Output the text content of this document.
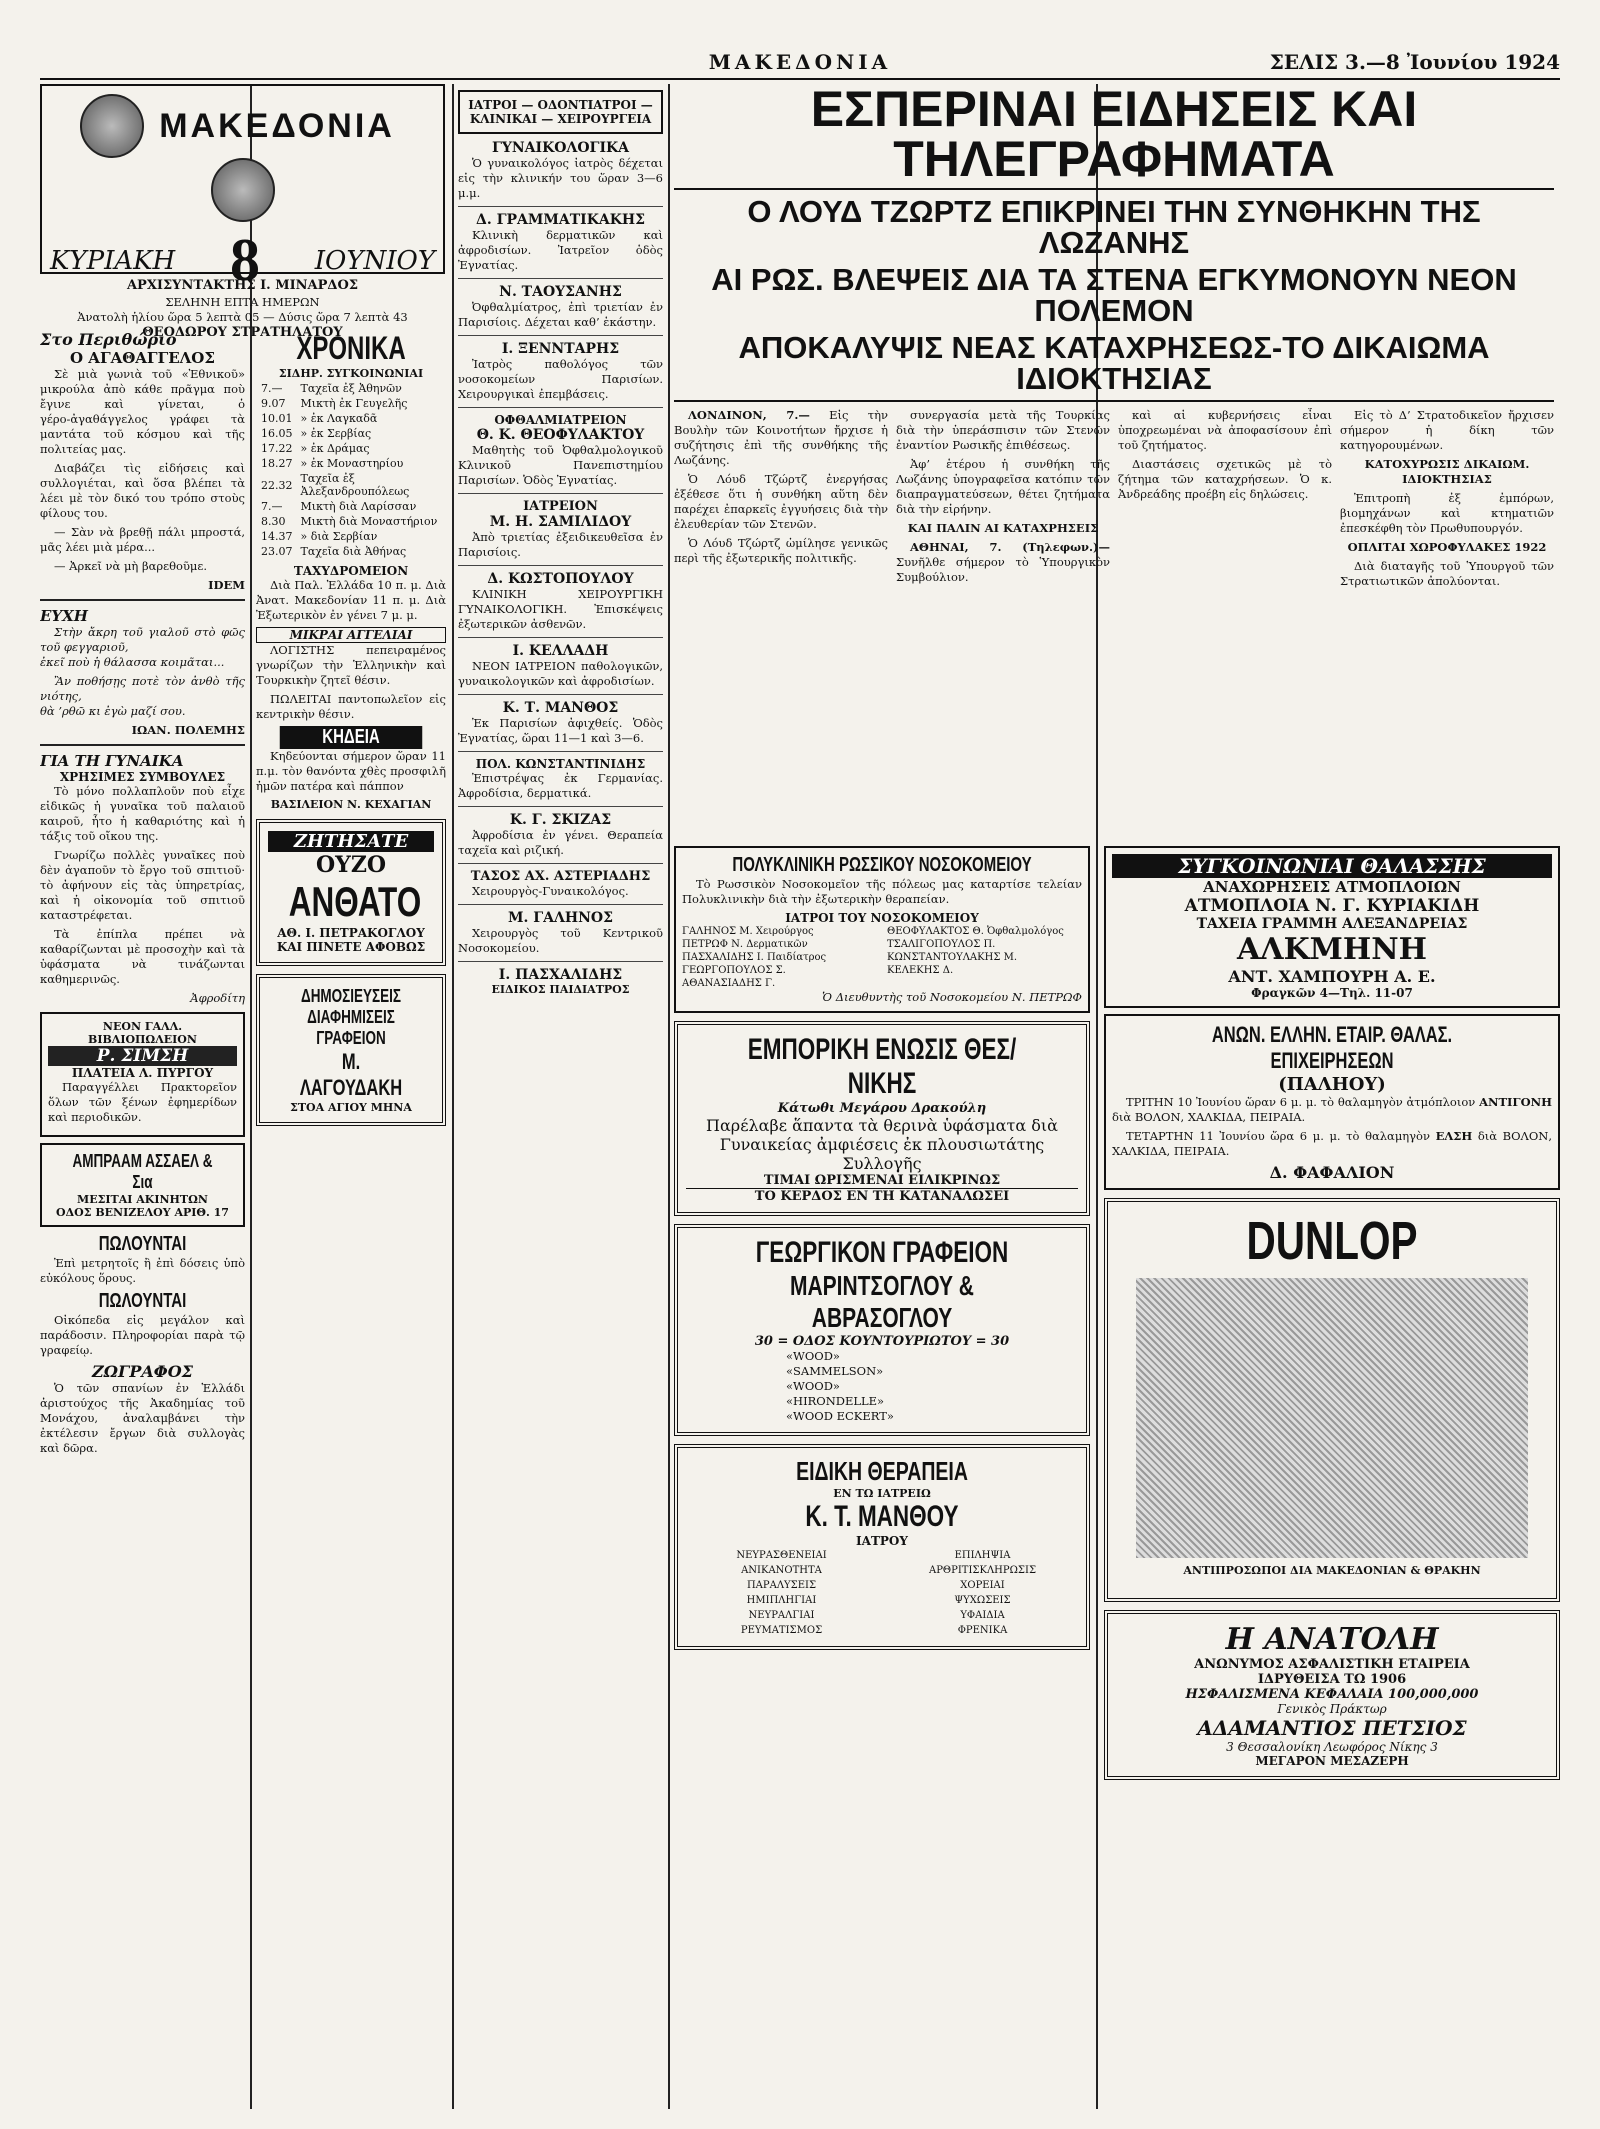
ΜΑΚΕΔΟΝΙΑ	ΣΕΛΙΣ 3.—8 Ἰουνίου 1924
ΜΑΚΕΔΟΝΙΑ
ΚΥΡΙΑΚΗ 8 ΙΟΥΝΙΟΥ
ΣΕΛΗΝΗ ΕΠΤΑ ΗΜΕΡΩΝ
Ἀνατολὴ ἡλίου ὥρα 5 λεπτὰ 05 — Δύσις ὥρα 7 λεπτὰ 43
ΘΕΟΔΩΡΟΥ ΣΤΡΑΤΗΛΑΤΟΥ
ΑΡΧΙΣΥΝΤΑΚΤΗΣ Ι. ΜΙΝΑΡΔΟΣ
Στο Περιθώριο
Ο ΑΓΑΘΑΓΓΕΛΟΣ

Σὲ μιὰ γωνιὰ τοῦ «Ἐθνικοῦ» μικρούλα ἀπὸ κάθε πρᾶγμα ποὺ ἔγινε καὶ γίνεται, ὁ γέρο‑ἀγαθάγγελος γράφει τὰ μαντάτα τοῦ κόσμου καὶ τῆς πολιτείας μας.

Διαβάζει τὶς εἰδήσεις καὶ συλλογιέται, καὶ ὅσα βλέπει τὰ λέει μὲ τὸν δικό του τρόπο στοὺς φίλους του.

— Σὰν νὰ βρεθῇ πάλι μπροστά, μᾶς λέει μιὰ μέρα...

— Ἀρκεῖ νὰ μὴ βαρεθοῦμε.

IDEM
ΕΥΧΗ

Στὴν ἄκρη τοῦ γιαλοῦ στὸ φῶς τοῦ φεγγαριοῦ,
ἐκεῖ ποὺ ἡ θάλασσα κοιμᾶται...

Ἂν ποθήσῃς ποτὲ τὸν ἀνθὸ τῆς νιότης,
θὰ ’ρθῶ κι ἐγὼ μαζί σου.

ΙΩΑΝ. ΠΟΛΕΜΗΣ
ΓΙΑ ΤΗ ΓΥΝΑΙΚΑ
ΧΡΗΣΙΜΕΣ ΣΥΜΒΟΥΛΕΣ

Τὸ μόνο πολλαπλοῦν ποὺ εἶχε εἰδικῶς ἡ γυναῖκα τοῦ παλαιοῦ καιροῦ, ἦτο ἡ καθαριότης καὶ ἡ τάξις τοῦ οἴκου της.

Γνωρίζω πολλὲς γυναῖκες ποὺ δὲν ἀγαποῦν τὸ ἔργο τοῦ σπιτιοῦ· τὸ ἀφήνουν εἰς τὰς ὑπηρετρίας, καὶ ἡ οἰκονομία τοῦ σπιτιοῦ καταστρέφεται.

Τὰ ἐπίπλα πρέπει νὰ καθαρίζωνται μὲ προσοχὴν καὶ τὰ ὑφάσματα νὰ τινάζωνται καθημερινῶς.

Ἀφροδίτη
ΝΕΟΝ ΓΑΛΛ. ΒΙΒΛΙΟΠΩΛΕΙΟΝ
Ρ. ΣΙΜΣΗ
ΠΛΑΤΕΙΑ Λ. ΠΥΡΓΟΥ

Παραγγέλλει Πρακτορεῖον ὅλων τῶν ξένων ἐφημερίδων καὶ περιοδικῶν.

ΑΜΠΡΑΑΜ ΑΣΣΑΕΛ & Σια
ΜΕΣΙΤΑΙ ΑΚΙΝΗΤΩΝ
ΟΔΟΣ ΒΕΝΙΖΕΛΟΥ ΑΡΙΘ. 17
ΠΩΛΟΥΝΤΑΙ

Ἐπὶ μετρητοῖς ἢ ἐπὶ δόσεις ὑπὸ εὐκόλους ὅρους.

ΠΩΛΟΥΝΤΑΙ

Οἰκόπεδα εἰς μεγάλον καὶ παράδοσιν. Πληροφορίαι παρὰ τῷ γραφείῳ.

ΖΩΓΡΑΦΟΣ

Ὁ τῶν σπανίων ἐν Ἑλλάδι ἀριστούχος τῆς Ἀκαδημίας τοῦ Μονάχου, ἀναλαμβάνει τὴν ἐκτέλεσιν ἔργων διὰ συλλογὰς καὶ δῶρα.

ΧΡΟΝΙΚΑ
ΣΙΔΗΡ. ΣΥΓΚΟΙΝΩΝΙΑΙ
7.—	Ταχεῖα ἐξ Ἀθηνῶν
9.07	Μικτὴ ἐκ Γευγελῆς
10.01	» ἐκ Λαγκαδᾶ
16.05	» ἐκ Σερβίας
17.22	» ἐκ Δράμας
18.27	» ἐκ Μοναστηρίου
22.32	Ταχεῖα ἐξ Ἀλεξανδρουπόλεως
7.—	Μικτὴ διὰ Λαρίσσαν
8.30	Μικτὴ διὰ Μοναστήριον
14.37	» διὰ Σερβίαν
23.07	Ταχεῖα διὰ Ἀθήνας
ΤΑΧΥΔΡΟΜΕΙΟΝ

Διὰ Παλ. Ἑλλάδα 10 π. μ. Διὰ Ἀνατ. Μακεδονίαν 11 π. μ. Διὰ Ἐξωτερικὸν ἐν γένει 7 μ. μ.

ΜΙΚΡΑΙ ΑΓΓΕΛΙΑΙ

ΛΟΓΙΣΤΗΣ πεπειραμένος γνωρίζων τὴν Ἑλληνικὴν καὶ Τουρκικὴν ζητεῖ θέσιν.

ΠΩΛΕΙΤΑΙ παντοπωλεῖον εἰς κεντρικὴν θέσιν.

ΚΗΔΕΙΑ

Κηδεύονται σήμερον ὥραν 11 π.μ. τὸν θανόντα χθὲς προσφιλῆ ἡμῶν πατέρα καὶ πάππον

ΒΑΣΙΛΕΙΟΝ Ν. ΚΕΧΑΓΙΑΝ
ΖΗΤΗΣΑΤΕ
ΟΥΖΟ
ΑΝΘΑΤΟ
ΑΘ. Ι. ΠΕΤΡΑΚΟΓΛΟΥ
ΚΑΙ ΠΙΝΕΤΕ ΑΦΟΒΩΣ
ΔΗΜΟΣΙΕΥΣΕΙΣ
ΔΙΑΦΗΜΙΣΕΙΣ
ΓΡΑΦΕΙΟΝ
Μ. ΛΑΓΟΥΔΑΚΗ
ΣΤΟΑ ΑΓΙΟΥ ΜΗΝΑ
ΙΑΤΡΟΙ — ΟΔΟΝΤΙΑΤΡΟΙ — ΚΛΙΝΙΚΑΙ — ΧΕΙΡΟΥΡΓΕΙΑ
ΓΥΝΑΙΚΟΛΟΓΙΚΑ

Ὁ γυναικολόγος ἰατρὸς δέχεται εἰς τὴν κλινικήν του ὥραν 3—6 μ.μ.

Δ. ΓΡΑΜΜΑΤΙΚΑΚΗΣ

Κλινικὴ δερματικῶν καὶ ἀφροδισίων. Ἰατρεῖον ὁδὸς Ἐγνατίας.

Ν. ΤΑΟΥΣΑΝΗΣ

Ὀφθαλμίατρος, ἐπὶ τριετίαν ἐν Παρισίοις. Δέχεται καθ’ ἑκάστην.

Ι. ΞΕΝΝΤΑΡΗΣ

Ἰατρὸς παθολόγος τῶν νοσοκομείων Παρισίων. Χειρουργικαὶ ἐπεμβάσεις.

ΟΦΘΑΛΜΙΑΤΡΕΙΟΝ
Θ. Κ. ΘΕΟΦΥΛΑΚΤΟΥ

Μαθητὴς τοῦ Ὀφθαλμολογικοῦ Κλινικοῦ Πανεπιστημίου Παρισίων. Ὁδὸς Ἐγνατίας.

ΙΑΤΡΕΙΟΝ
Μ. Η. ΣΑΜΙΛΙΔΟΥ

Ἀπὸ τριετίας ἐξειδικευθεῖσα ἐν Παρισίοις.

Δ. ΚΩΣΤΟΠΟΥΛΟΥ

ΚΛΙΝΙΚΗ ΧΕΙΡΟΥΡΓΙΚΗ ΓΥΝΑΙΚΟΛΟΓΙΚΗ. Ἐπισκέψεις ἐξωτερικῶν ἀσθενῶν.

Ι. ΚΕΛΛΑΔΗ

ΝΕΟΝ ΙΑΤΡΕΙΟΝ παθολογικῶν, γυναικολογικῶν καὶ ἀφροδισίων.

Κ. Τ. ΜΑΝΘΟΣ

Ἐκ Παρισίων ἀφιχθείς. Ὁδὸς Ἐγνατίας, ὥραι 11—1 καὶ 3—6.

ΠΟΛ. ΚΩΝΣΤΑΝΤΙΝΙΔΗΣ

Ἐπιστρέψας ἐκ Γερμανίας. Ἀφροδίσια, δερματικά.

Κ. Γ. ΣΚΙΖΑΣ

Ἀφροδίσια ἐν γένει. Θεραπεία ταχεῖα καὶ ριζική.

ΤΑΣΟΣ ΑΧ. ΑΣΤΕΡΙΑΔΗΣ

Χειρουργὸς‑Γυναικολόγος.

Μ. ΓΑΛΗΝΟΣ

Χειρουργὸς τοῦ Κεντρικοῦ Νοσοκομείου.

Ι. ΠΑΣΧΑΛΙΔΗΣ
ΕΙΔΙΚΟΣ ΠΑΙΔΙΑΤΡΟΣ
ΕΣΠΕΡΙΝΑΙ ΕΙΔΗΣΕΙΣ ΚΑΙ ΤΗΛΕΓΡΑΦΗΜΑΤΑ
Ο ΛΟΥΔ ΤΖΩΡΤΖ ΕΠΙΚΡΙΝΕΙ ΤΗΝ ΣΥΝΘΗΚΗΝ ΤΗΣ ΛΩΖΑΝΗΣ
ΑΙ ΡΩΣ. ΒΛΕΨΕΙΣ ΔΙΑ ΤΑ ΣΤΕΝΑ ΕΓΚΥΜΟΝΟΥΝ ΝΕΟΝ ΠΟΛΕΜΟΝ
ΑΠΟΚΑΛΥΨΙΣ ΝΕΑΣ ΚΑΤΑΧΡΗΣΕΩΣ-ΤΟ ΔΙΚΑΙΩΜΑ ΙΔΙΟΚΤΗΣΙΑΣ

ΛΟΝΔΙΝΟΝ, 7.— Εἰς τὴν Βουλὴν τῶν Κοινοτήτων ἤρχισε ἡ συζήτησις ἐπὶ τῆς συνθήκης τῆς Λωζάνης.

Ὁ Λόυδ Τζώρτζ ἐνεργήσας ἐξέθεσε ὅτι ἡ συνθήκη αὕτη δὲν παρέχει ἐπαρκεῖς ἐγγυήσεις διὰ τὴν ἐλευθερίαν τῶν Στενῶν.

Ὁ Λόυδ Τζώρτζ ὡμίλησε γενικῶς περὶ τῆς ἐξωτερικῆς πολιτικῆς.

συνεργασία μετὰ τῆς Τουρκίας διὰ τὴν ὑπεράσπισιν τῶν Στενῶν ἐναντίον Ρωσικῆς ἐπιθέσεως.

Ἀφ’ ἑτέρου ἡ συνθήκη τῆς Λωζάνης ὑπογραφεῖσα κατόπιν τῶν διαπραγματεύσεων, θέτει ζητήματα διὰ τὴν εἰρήνην.

ΚΑΙ ΠΑΛΙΝ ΑΙ ΚΑΤΑΧΡΗΣΕΙΣ

ΑΘΗΝΑΙ, 7. (Τηλεφων.)— Συνῆλθε σήμερον τὸ Ὑπουργικὸν Συμβούλιον.

καὶ αἱ κυβερνήσεις εἶναι ὑποχρεωμέναι νὰ ἀποφασίσουν ἐπὶ τοῦ ζητήματος.

Διαστάσεις σχετικῶς μὲ τὸ ζήτημα τῶν καταχρήσεων. Ὁ κ. Ἀνδρεάδης προέβη εἰς δηλώσεις.

Εἰς τὸ Δ’ Στρατοδικεῖον ἤρχισεν σήμερον ἡ δίκη τῶν κατηγορουμένων.

ΚΑΤΟΧΥΡΩΣΙΣ ΔΙΚΑΙΩΜ. ΙΔΙΟΚΤΗΣΙΑΣ

Ἐπιτροπὴ ἐξ ἐμπόρων, βιομηχάνων καὶ κτηματιῶν ἐπεσκέφθη τὸν Πρωθυπουργόν.

ΟΠΛΙΤΑΙ ΧΩΡΟΦΥΛΑΚΕΣ 1922

Διὰ διαταγῆς τοῦ Ὑπουργοῦ τῶν Στρατιωτικῶν ἀπολύονται.

ΠΟΛΥΚΛΙΝΙΚΗ ΡΩΣΣΙΚΟΥ ΝΟΣΟΚΟΜΕΙΟΥ

Τὸ Ρωσσικὸν Νοσοκομεῖον τῆς πόλεως μας καταρτίσε τελείαν Πολυκλινικὴν διὰ τὴν ἐξωτερικὴν θεραπείαν.

ΙΑΤΡΟΙ ΤΟΥ ΝΟΣΟΚΟΜΕΙΟΥ
ΓΑΛΗΝΟΣ Μ. Χειρούργος
ΠΕΤΡΩΦ Ν. Δερματικῶν
ΠΑΣΧΑΛΙΔΗΣ Ι. Παιδίατρος
ΓΕΩΡΓΟΠΟΥΛΟΣ Σ.
ΑΘΑΝΑΣΙΑΔΗΣ Γ.
ΘΕΟΦΥΛΑΚΤΟΣ Θ. Ὀφθαλμολόγος
ΤΣΑΛΙΓΟΠΟΥΛΟΣ Π.
ΚΩΝΣΤΑΝΤΟΥΛΑΚΗΣ Μ.
ΚΕΛΕΚΗΣ Δ.
Ὁ Διευθυντὴς τοῦ Νοσοκομείου Ν. ΠΕΤΡΩΦ
ΕΜΠΟΡΙΚΗ ΕΝΩΣΙΣ ΘΕΣ/ΝΙΚΗΣ
Κάτωθι Μεγάρου Δρακούλη
Παρέλαβε ἅπαντα τὰ θερινὰ ὑφάσματα διὰ Γυναικείας ἀμφιέσεις ἐκ πλουσιωτάτης Συλλογῆς
ΤΙΜΑΙ ΩΡΙΣΜΕΝΑΙ ΕΙΛΙΚΡΙΝΩΣ
ΤΟ ΚΕΡΔΟΣ ΕΝ ΤΗ ΚΑΤΑΝΑΛΩΣΕΙ
ΓΕΩΡΓΙΚΟΝ ΓΡΑΦΕΙΟΝ
ΜΑΡΙΝΤΣΟΓΛΟΥ & ΑΒΡΑΣΟΓΛΟΥ
30 = ΟΔΟΣ ΚΟΥΝΤΟΥΡΙΩΤΟΥ = 30
«WOOD»
«SAMMELSON»
«WOOD»
«HIRONDELLE»
«WOOD ECKERT»
ΕΙΔΙΚΗ ΘΕΡΑΠΕΙΑ
ΕΝ ΤΩ ΙΑΤΡΕΙΩ
Κ. Τ. ΜΑΝΘΟΥ
ΙΑΤΡΟΥ
ΝΕΥΡΑΣΘΕΝΕΙΑΙ
ΑΝΙΚΑΝΟΤΗΤΑ
ΠΑΡΑΛΥΣΕΙΣ
ΗΜΙΠΛΗΓΙΑΙ
ΝΕΥΡΑΛΓΙΑΙ
ΡΕΥΜΑΤΙΣΜΟΣ
ΕΠΙΛΗΨΙΑ
ΑΡΘΡΙΤΙΣΚΛΗΡΩΣΙΣ
ΧΟΡΕΙΑΙ
ΨΥΧΩΣΕΙΣ
ΥΦΑΙΔΙΑ
ΦΡΕΝΙΚΑ
ΣΥΓΚΟΙΝΩΝΙΑΙ ΘΑΛΑΣΣΗΣ
ΑΝΑΧΩΡΗΣΕΙΣ ΑΤΜΟΠΛΟΙΩΝ
ΑΤΜΟΠΛΟΙΑ Ν. Γ. ΚΥΡΙΑΚΙΔΗ
ΤΑΧΕΙΑ ΓΡΑΜΜΗ ΑΛΕΞΑΝΔΡΕΙΑΣ
ΑΛΚΜΗΝΗ
ΑΝΤ. ΧΑΜΠΟΥΡΗ Α. Ε.
Φραγκῶν 4—Τηλ. 11-07
ΑΝΩΝ. ΕΛΛΗΝ. ΕΤΑΙΡ. ΘΑΛΑΣ. ΕΠΙΧΕΙΡΗΣΕΩΝ
(ΠΑΛΗΟΥ)

ΤΡΙΤΗΝ 10 Ἰουνίου ὥραν 6 μ. μ. τὸ θαλαμηγὸν ἀτμόπλοιον ΑΝΤΙΓΟΝΗ διὰ ΒΟΛΟΝ, ΧΑΛΚΙΔΑ, ΠΕΙΡΑΙΑ.

ΤΕΤΑΡΤΗΝ 11 Ἰουνίου ὥρα 6 μ. μ. τὸ θαλαμηγὸν ΕΛΣΗ διὰ ΒΟΛΟΝ, ΧΑΛΚΙΔΑ, ΠΕΙΡΑΙΑ.

Δ. ΦΑΦΑΛΙΟΝ
DUNLOP
ΑΝΤΙΠΡΟΣΩΠΟΙ ΔΙΑ ΜΑΚΕΔΟΝΙΑΝ & ΘΡΑΚΗΝ
Η ΑΝΑΤΟΛΗ
ΑΝΩΝΥΜΟΣ ΑΣΦΑΛΙΣΤΙΚΗ ΕΤΑΙΡΕΙΑ
ΙΔΡΥΘΕΙΣΑ ΤΩ 1906
ΗΣΦΑΛΙΣΜΕΝΑ ΚΕΦΑΛΑΙΑ 100,000,000
Γενικὸς Πράκτωρ
ΑΔΑΜΑΝΤΙΟΣ ΠΕΤΣΙΟΣ
3 Θεσσαλονίκη Λεωφόρος Νίκης 3
ΜΕΓΑΡΟΝ ΜΕΣΑΖΕΡΗ
